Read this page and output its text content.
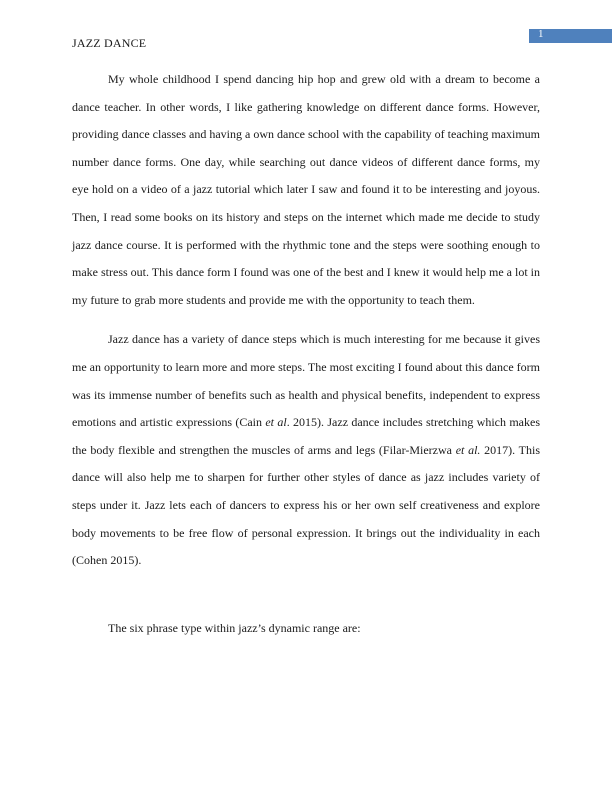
JAZZ DANCE
1

My whole childhood I spend dancing hip hop and grew old with a dream to become a dance teacher. In other words, I like gathering knowledge on different dance forms. However, providing dance classes and having a own dance school with the capability of teaching maximum number dance forms. One day, while searching out dance videos of different dance forms, my eye hold on a video of a jazz tutorial which later I saw and found it to be interesting and joyous. Then, I read some books on its history and steps on the internet which made me decide to study jazz dance course. It is performed with the rhythmic tone and the steps were soothing enough to make stress out. This dance form I found was one of the best and I knew it would help me a lot in my future to grab more students and provide me with the opportunity to teach them.

Jazz dance has a variety of dance steps which is much interesting for me because it gives me an opportunity to learn more and more steps. The most exciting I found about this dance form was its immense number of benefits such as health and physical benefits, independent to express emotions and artistic expressions (Cain et al. 2015). Jazz dance includes stretching which makes the body flexible and strengthen the muscles of arms and legs (Filar-Mierzwa et al. 2017). This dance will also help me to sharpen for further other styles of dance as jazz includes variety of steps under it. Jazz lets each of dancers to express his or her own self creativeness and explore body movements to be free flow of personal expression. It brings out the individuality in each (Cohen 2015).

The six phrase type within jazz’s dynamic range are:
